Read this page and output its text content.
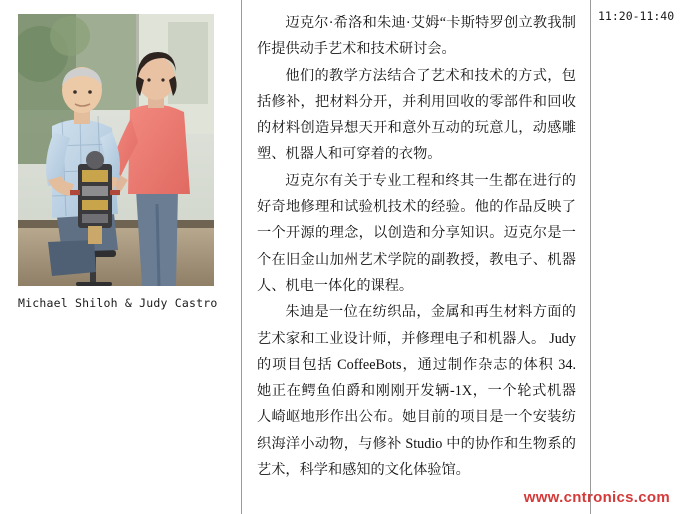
Michael Shiloh & Judy Castro

迈克尔·希洛和朱迪·艾姆“卡斯特罗创立教我制作提供动手艺术和技术研讨会。

他们的教学方法结合了艺术和技术的方式，包括修补，把材料分开，并利用回收的零部件和回收的材料创造异想天开和意外互动的玩意儿，动感雕塑、机器人和可穿着的衣物。

迈克尔有关于专业工程和终其一生都在进行的好奇地修理和试验机技术的经验。他的作品反映了一个开源的理念，以创造和分享知识。迈克尔是一个在旧金山加州艺术学院的副教授，教电子、机器人、机电一体化的课程。

朱迪是一位在纺织品，金属和再生材料方面的艺术家和工业设计师，并修理电子和机器人。 Judy 的项目包括 CoffeeBots，通过制作杂志的体积 34. 她正在鳄鱼伯爵和刚刚开发辆-1X，一个轮式机器人崎岖地形作出公布。她目前的项目是一个安装纺织海洋小动物，与修补 Studio 中的协作和生物系的艺术，科学和感知的文化体验馆。

11:20-11:40
www.cntronics.com
